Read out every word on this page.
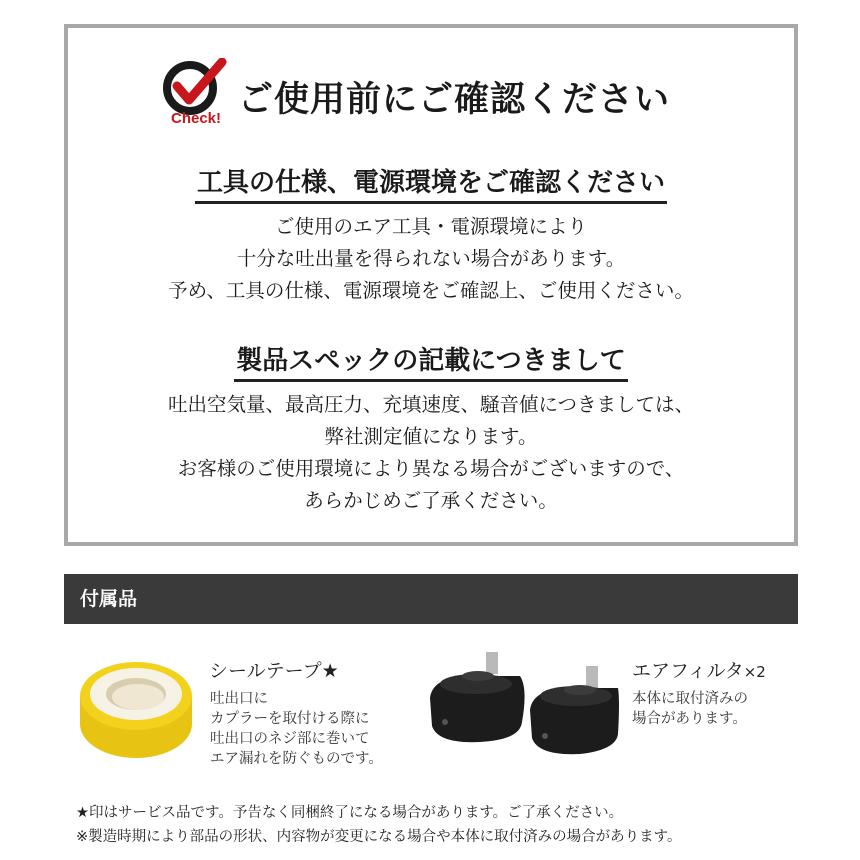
Check! ご使用前にご確認ください
工具の仕様、電源環境をご確認ください
ご使用のエア工具・電源環境により
十分な吐出量を得られない場合があります。
予め、工具の仕様、電源環境をご確認上、ご使用ください。
製品スペックの記載につきまして
吐出空気量、最高圧力、充填速度、騒音値につきましては、
弊社測定値になります。
お客様のご使用環境により異なる場合がございますので、
あらかじめご了承ください。
付属品
シールテープ★
吐出口に
カプラーを取付ける際に
吐出口のネジ部に巻いて
エア漏れを防ぐものです。
エアフィルタ×2
本体に取付済みの
場合があります。
★印はサービス品です。予告なく同梱終了になる場合があります。ご了承ください。
※製造時期により部品の形状、内容物が変更になる場合や本体に取付済みの場合があります。
